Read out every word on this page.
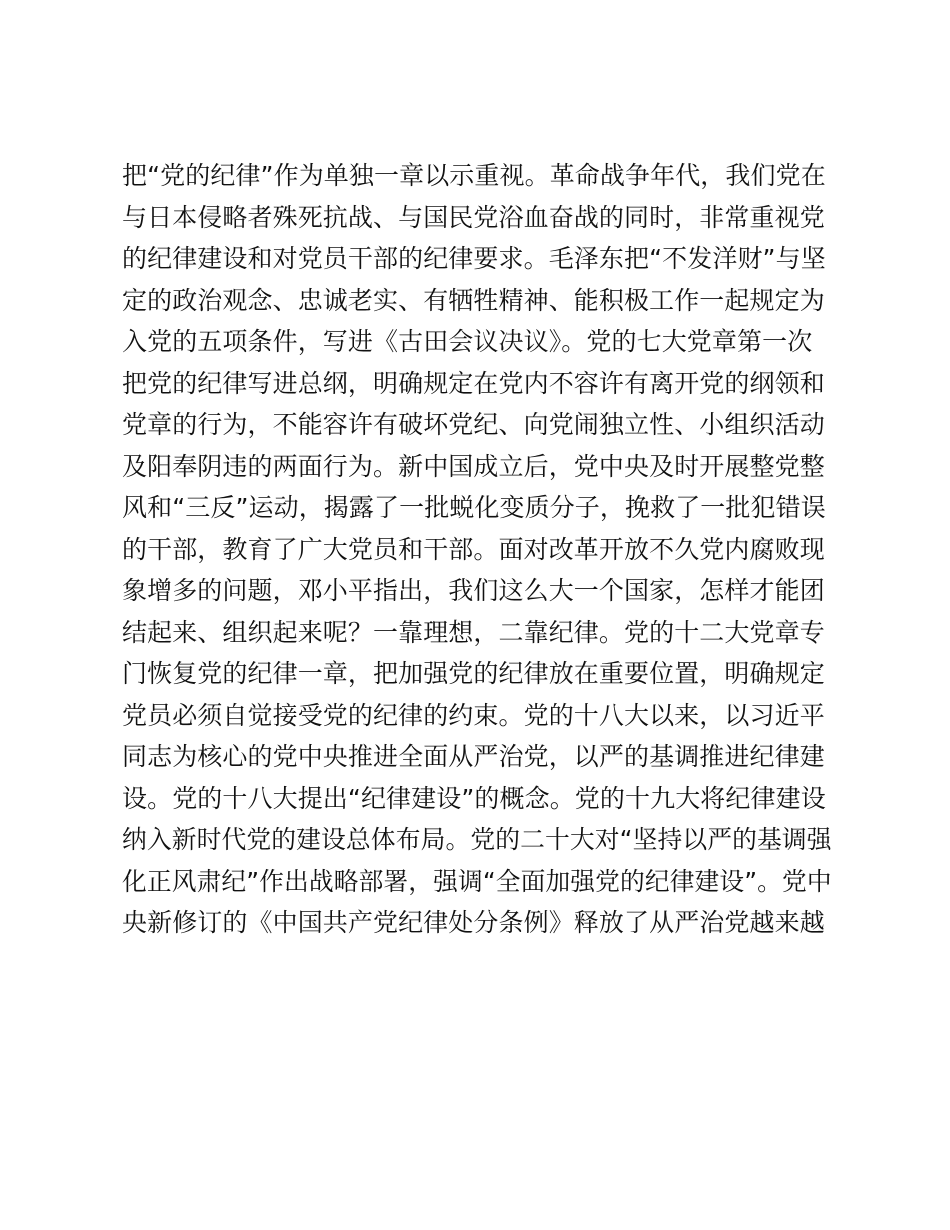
把“党的纪律”作为单独一章以示重视。革命战争年代，我们党在
与日本侵略者殊死抗战、与国民党浴血奋战的同时，非常重视党
的纪律建设和对党员干部的纪律要求。毛泽东把“不发洋财”与坚
定的政治观念、忠诚老实、有牺牲精神、能积极工作一起规定为
入党的五项条件，写进《古田会议决议》。党的七大党章第一次
把党的纪律写进总纲，明确规定在党内不容许有离开党的纲领和
党章的行为，不能容许有破坏党纪、向党闹独立性、小组织活动
及阳奉阴违的两面行为。新中国成立后，党中央及时开展整党整
风和“三反”运动，揭露了一批蜕化变质分子，挽救了一批犯错误
的干部，教育了广大党员和干部。面对改革开放不久党内腐败现
象增多的问题，邓小平指出，我们这么大一个国家，怎样才能团
结起来、组织起来呢？一靠理想，二靠纪律。党的十二大党章专
门恢复党的纪律一章，把加强党的纪律放在重要位置，明确规定
党员必须自觉接受党的纪律的约束。党的十八大以来，以习近平
同志为核心的党中央推进全面从严治党，以严的基调推进纪律建
设。党的十八大提出“纪律建设”的概念。党的十九大将纪律建设
纳入新时代党的建设总体布局。党的二十大对“坚持以严的基调强
化正风肃纪”作出战略部署，强调“全面加强党的纪律建设”。党中
央新修订的《中国共产党纪律处分条例》释放了从严治党越来越
